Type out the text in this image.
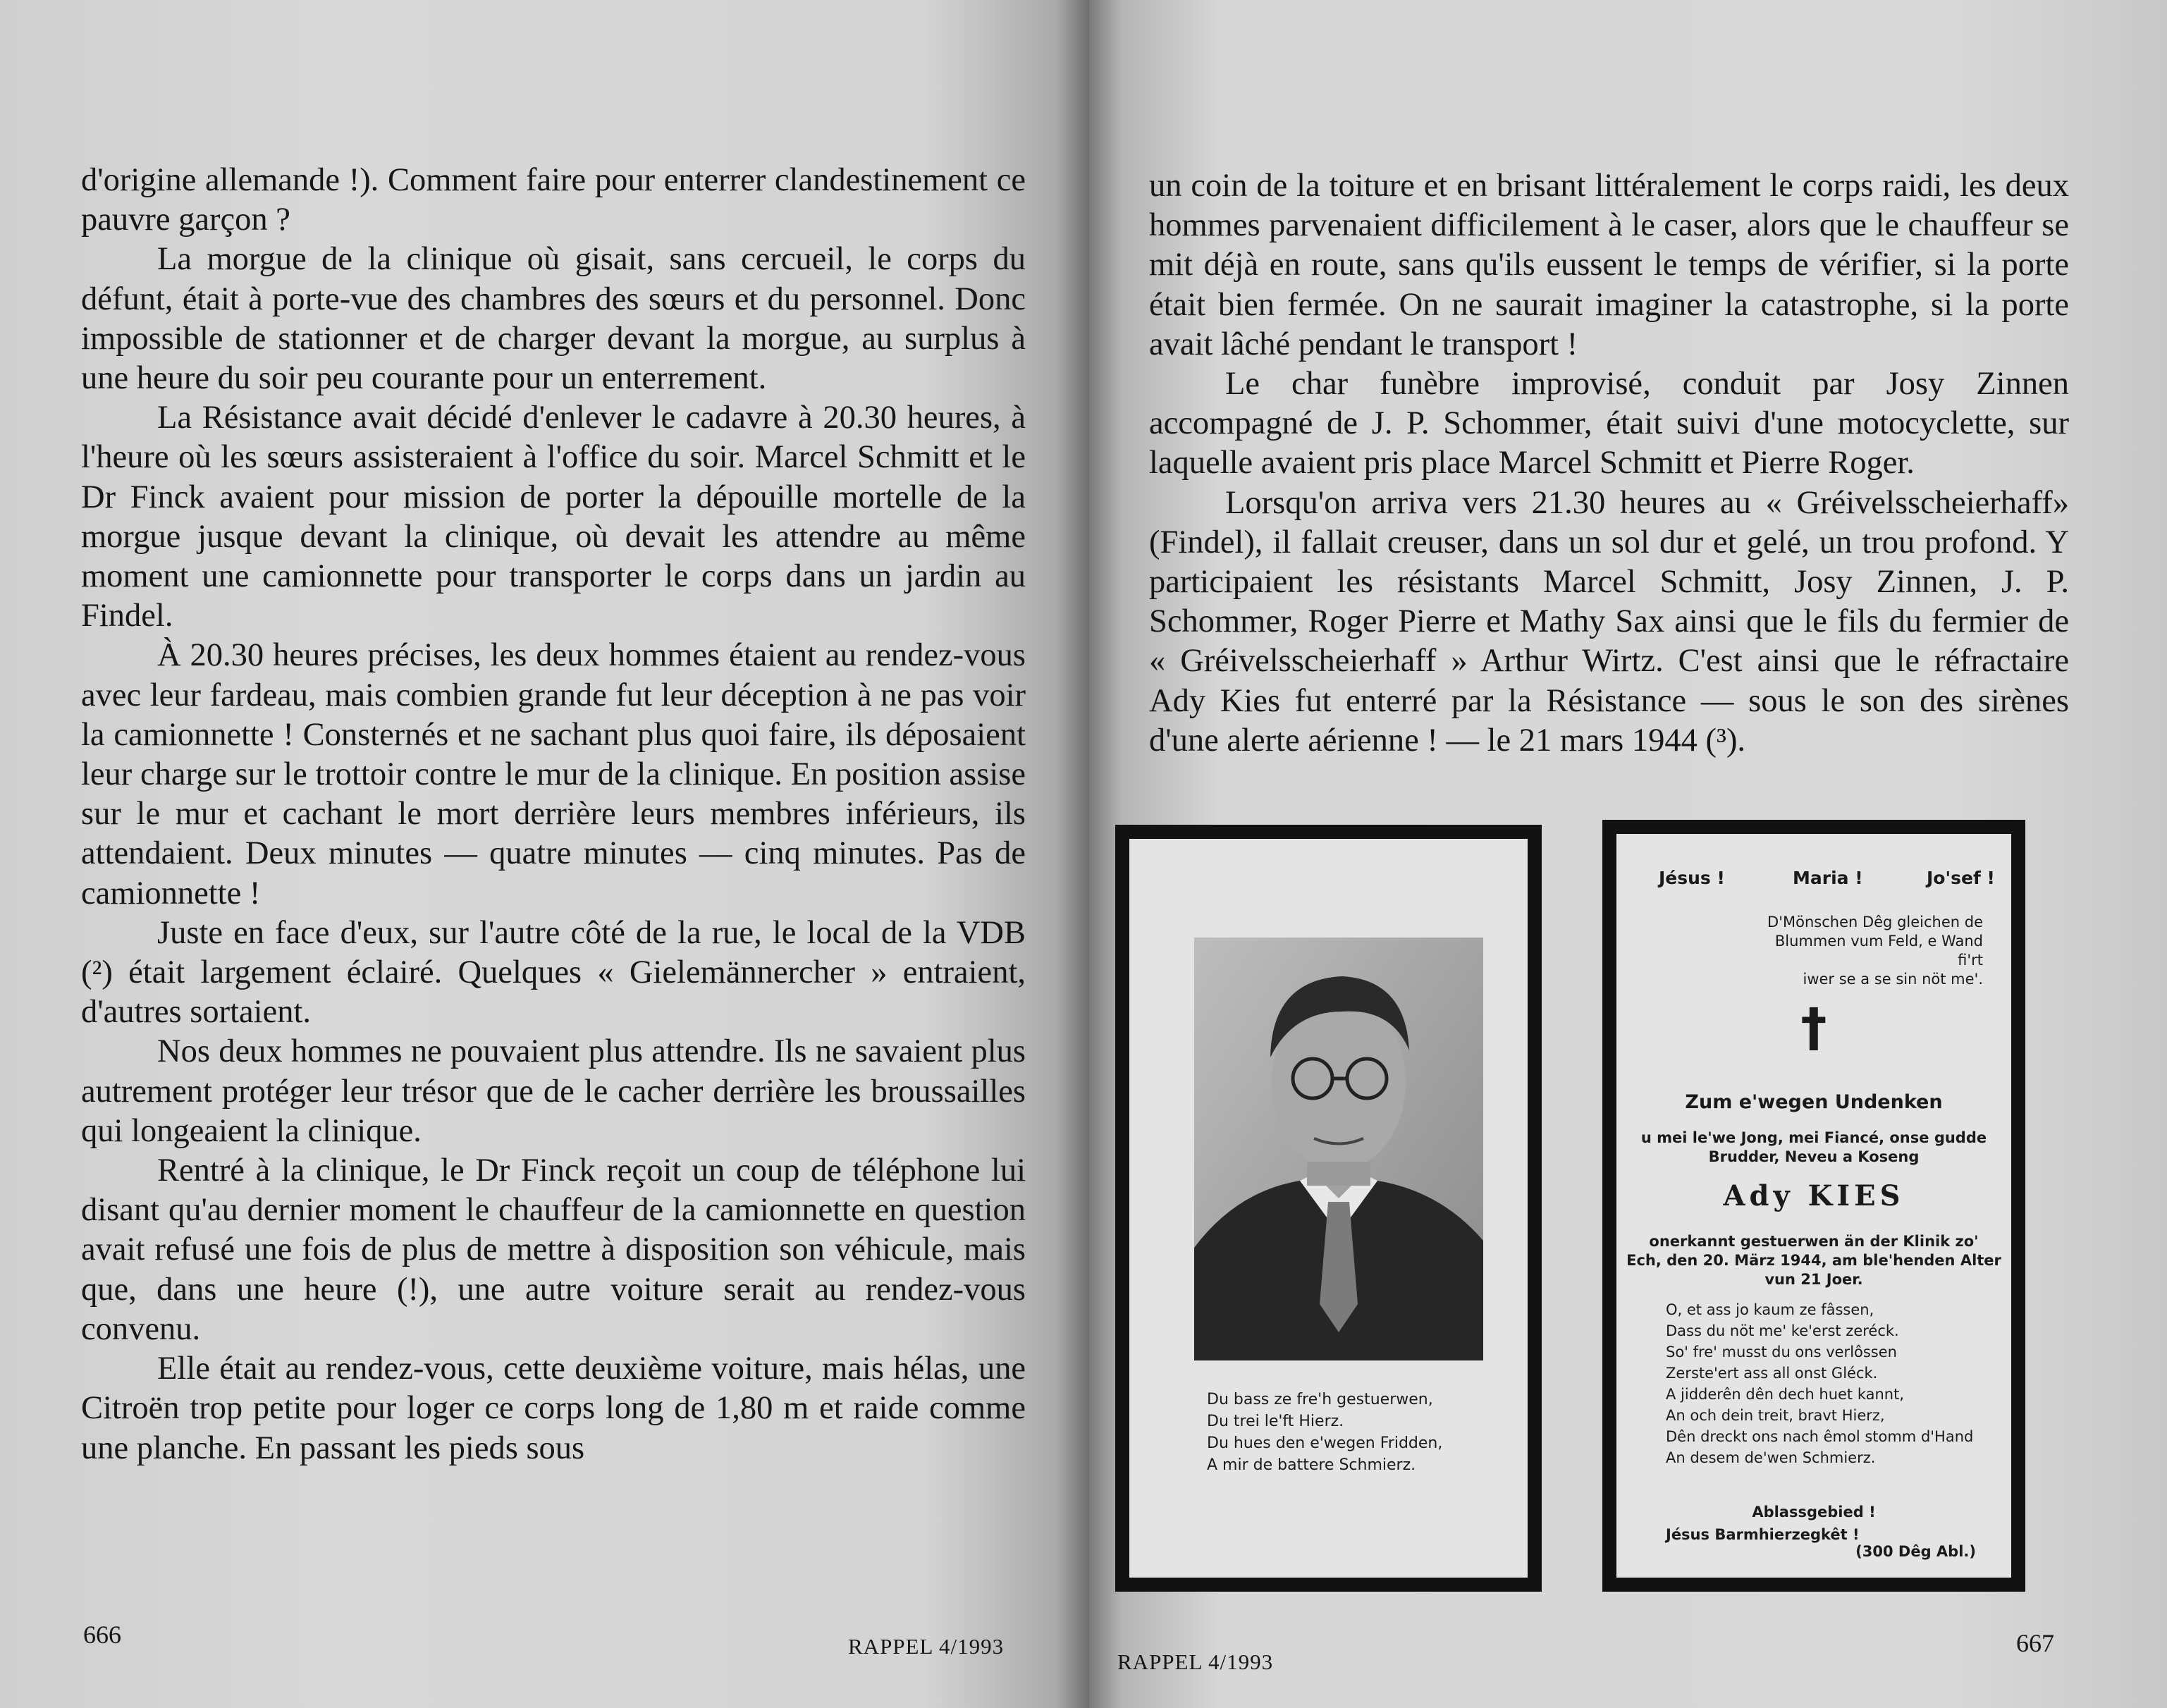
d'origine allemande !). Comment faire pour enterrer clandestinement ce pauvre garçon ?

La morgue de la clinique où gisait, sans cercueil, le corps du défunt, était à porte-vue des chambres des sœurs et du personnel. Donc impossible de stationner et de charger devant la morgue, au surplus à une heure du soir peu courante pour un enterrement.

La Résistance avait décidé d'enlever le cadavre à 20.30 heures, à l'heure où les sœurs assisteraient à l'office du soir. Marcel Schmitt et le Dr Finck avaient pour mission de porter la dépouille mortelle de la morgue jusque devant la clinique, où devait les attendre au même moment une camionnette pour transporter le corps dans un jardin au Findel.

À 20.30 heures précises, les deux hommes étaient au rendez-vous avec leur fardeau, mais combien grande fut leur déception à ne pas voir la camionnette ! Consternés et ne sachant plus quoi faire, ils déposaient leur charge sur le trottoir contre le mur de la clinique. En position assise sur le mur et cachant le mort derrière leurs membres inférieurs, ils attendaient. Deux minutes — quatre minutes — cinq minutes. Pas de camionnette !

Juste en face d'eux, sur l'autre côté de la rue, le local de la VDB (²) était largement éclairé. Quelques « Gielemännercher » entraient, d'autres sortaient.

Nos deux hommes ne pouvaient plus attendre. Ils ne savaient plus autrement protéger leur trésor que de le cacher derrière les broussailles qui longeaient la clinique.

Rentré à la clinique, le Dr Finck reçoit un coup de téléphone lui disant qu'au dernier moment le chauffeur de la camionnette en question avait refusé une fois de plus de mettre à disposition son véhicule, mais que, dans une heure (!), une autre voiture serait au rendez-vous convenu.

Elle était au rendez-vous, cette deuxième voiture, mais hélas, une Citroën trop petite pour loger ce corps long de 1,80 m et raide comme une planche. En passant les pieds sous

666	RAPPEL 4/1993

un coin de la toiture et en brisant littéralement le corps raidi, les deux hommes parvenaient difficilement à le caser, alors que le chauffeur se mit déjà en route, sans qu'ils eussent le temps de vérifier, si la porte était bien fermée. On ne saurait imaginer la catastrophe, si la porte avait lâché pendant le transport !

Le char funèbre improvisé, conduit par Josy Zinnen accompagné de J. P. Schommer, était suivi d'une motocyclette, sur laquelle avaient pris place Marcel Schmitt et Pierre Roger.

Lorsqu'on arriva vers 21.30 heures au « Gréivelsscheierhaff» (Findel), il fallait creuser, dans un sol dur et gelé, un trou profond. Y participaient les résistants Marcel Schmitt, Josy Zinnen, J. P. Schommer, Roger Pierre et Mathy Sax ainsi que le fils du fermier de « Gréivelsscheierhaff » Arthur Wirtz. C'est ainsi que le réfractaire Ady Kies fut enterré par la Résistance — sous le son des sirènes d'une alerte aérienne ! — le 21 mars 1944 (³).

Du bass ze fre'h gestuerwen,
Du trei le'ft Hierz.
Du hues den e'wegen Fridden,
A mir de battere Schmierz.
Jésus !	Maria !	Jo'sef !
D'Mönschen Dêg gleichen de
Blummen vum Feld, e Wand fi'rt
iwer se a se sin nöt me'.
†
Zum e'wegen Undenken
u mei le'we Jong, mei Fiancé, onse gudde
Brudder, Neveu a Koseng
Ady KIES
onerkannt gestuerwen än der Klinik zo'
Ech, den 20. März 1944, am ble'henden Alter
vun 21 Joer.
O, et ass jo kaum ze fâssen,
Dass du nöt me' ke'erst zeréck.
So' fre' musst du ons verlôssen
Zerste'ert ass all onst Gléck.
A jidderên dên dech huet kannt,
An och dein treit, bravt Hierz,
Dên dreckt ons nach êmol stomm d'Hand
An desem de'wen Schmierz.
Ablassgebied !
Jésus Barmhierzegkêt !
(300 Dêg Abl.)
RAPPEL 4/1993
667
